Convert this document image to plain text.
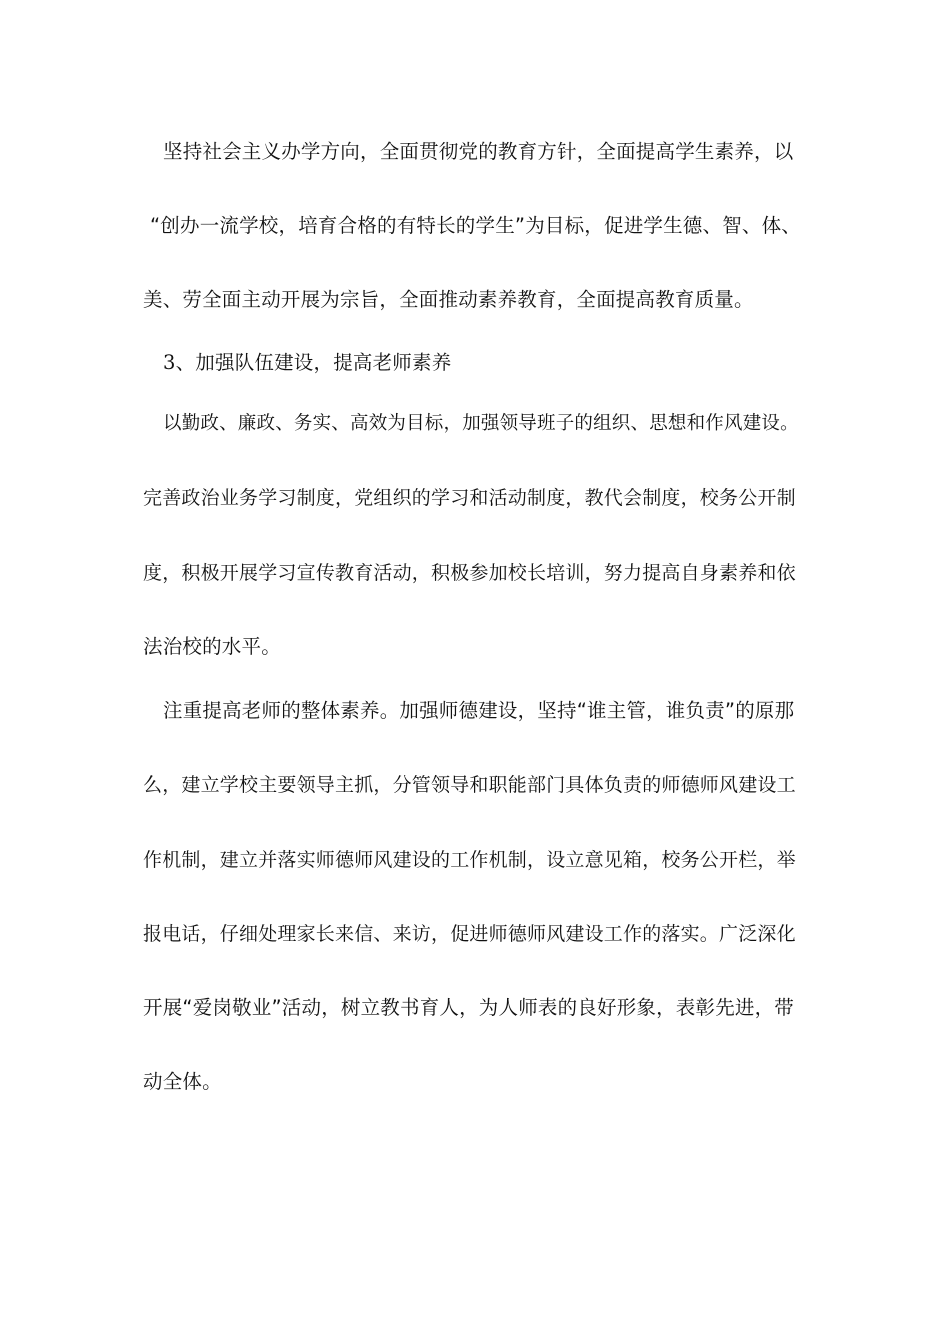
坚持社会主义办学方向，全面贯彻党的教育方针，全面提高学生素养，以
“创办一流学校，培育合格的有特长的学生”为目标，促进学生德、智、体、
美、劳全面主动开展为宗旨，全面推动素养教育，全面提高教育质量。
3、加强队伍建设，提高老师素养
以勤政、廉政、务实、高效为目标，加强领导班子的组织、思想和作风建设。
完善政治业务学习制度，党组织的学习和活动制度，教代会制度，校务公开制
度，积极开展学习宣传教育活动，积极参加校长培训，努力提高自身素养和依
法治校的水平。
注重提高老师的整体素养。加强师德建设，坚持“谁主管，谁负责”的原那
么，建立学校主要领导主抓，分管领导和职能部门具体负责的师德师风建设工
作机制，建立并落实师德师风建设的工作机制，设立意见箱，校务公开栏，举
报电话，仔细处理家长来信、来访，促进师德师风建设工作的落实。广泛深化
开展“爱岗敬业”活动，树立教书育人，为人师表的良好形象，表彰先进，带
动全体。
